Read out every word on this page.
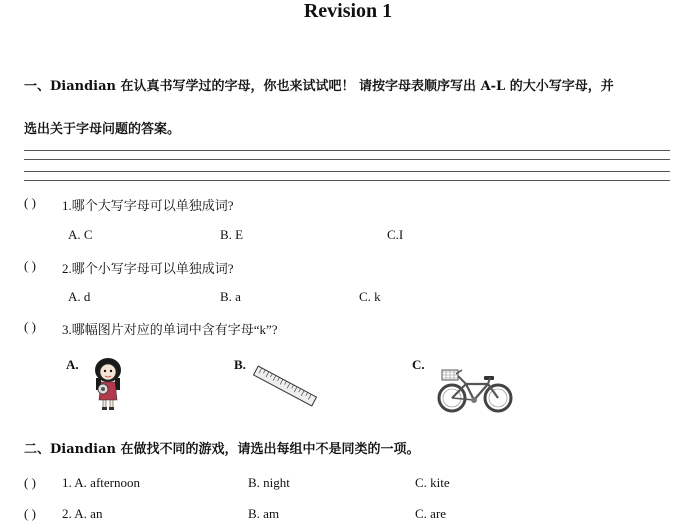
Revision 1
一、Diandian 在认真书写学过的字母，你也来试试吧！ 请按字母表顺序写出 A-L 的大小写字母，并
选出关于字母问题的答案。
( ) 1.哪个大写字母可以单独成词?
A. C	B. E	C.I
( ) 2.哪个小写字母可以单独成词?
A. d	B. a	C. k
( ) 3.哪幅图片对应的单词中含有字母“k”?
A.	B.	C.
二、Diandian 在做找不同的游戏，请选出每组中不是同类的一项。
( ) 1. A. afternoon	B. night	C. kite
( ) 2. A. an	B. am	C. are
